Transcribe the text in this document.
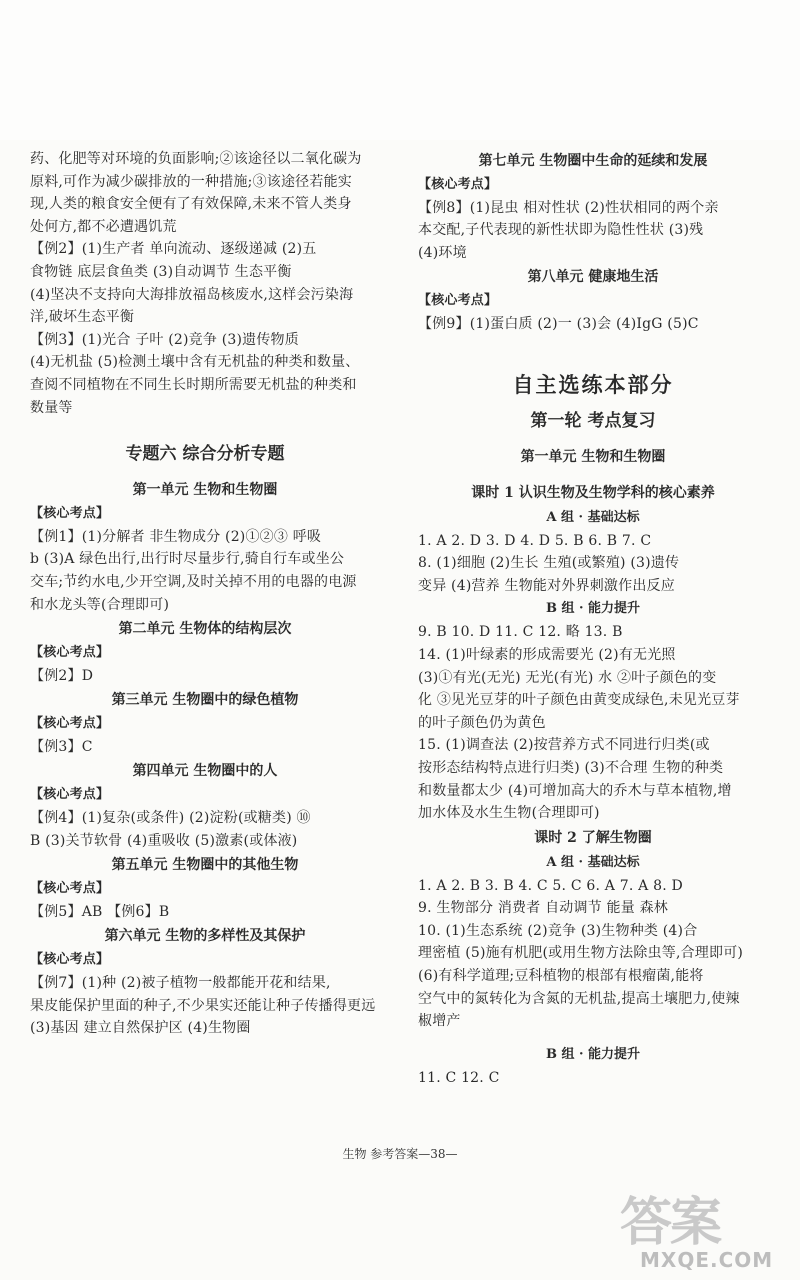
药、化肥等对环境的负面影响;②该途径以二氧化碳为
原料,可作为减少碳排放的一种措施;③该途径若能实
现,人类的粮食安全便有了有效保障,未来不管人类身
处何方,都不必遭遇饥荒
【例2】(1)生产者 单向流动、逐级递减 (2)五
食物链 底层食鱼类 (3)自动调节 生态平衡
(4)坚决不支持向大海排放福岛核废水,这样会污染海
洋,破坏生态平衡
【例3】(1)光合 子叶 (2)竞争 (3)遗传物质
(4)无机盐 (5)检测土壤中含有无机盐的种类和数量、
查阅不同植物在不同生长时期所需要无机盐的种类和
数量等
专题六 综合分析专题
第一单元 生物和生物圈
【核心考点】
【例1】(1)分解者 非生物成分 (2)①②③ 呼吸
b (3)A 绿色出行,出行时尽量步行,骑自行车或坐公
交车;节约水电,少开空调,及时关掉不用的电器的电源
和水龙头等(合理即可)
第二单元 生物体的结构层次
【核心考点】
【例2】D
第三单元 生物圈中的绿色植物
【核心考点】
【例3】C
第四单元 生物圈中的人
【核心考点】
【例4】(1)复杂(或条件) (2)淀粉(或糖类) ⑩
B (3)关节软骨 (4)重吸收 (5)激素(或体液)
第五单元 生物圈中的其他生物
【核心考点】
【例5】AB 【例6】B
第六单元 生物的多样性及其保护
【核心考点】
【例7】(1)种 (2)被子植物一般都能开花和结果,
果皮能保护里面的种子,不少果实还能让种子传播得更远
(3)基因 建立自然保护区 (4)生物圈
第七单元 生物圈中生命的延续和发展
【核心考点】
【例8】(1)昆虫 相对性状 (2)性状相同的两个亲
本交配,子代表现的新性状即为隐性性状 (3)残
(4)环境
第八单元 健康地生活
【核心考点】
【例9】(1)蛋白质 (2)一 (3)会 (4)IgG (5)C
自主选练本部分
第一轮 考点复习
第一单元 生物和生物圈
课时 1 认识生物及生物学科的核心素养
A 组 · 基础达标
1. A 2. D 3. D 4. D 5. B 6. B 7. C
8. (1)细胞 (2)生长 生殖(或繁殖) (3)遗传
变异 (4)营养 生物能对外界刺激作出反应
B 组 · 能力提升
9. B 10. D 11. C 12. 略 13. B
14. (1)叶绿素的形成需要光 (2)有无光照
(3)①有光(无光) 无光(有光) 水 ②叶子颜色的变
化 ③见光豆芽的叶子颜色由黄变成绿色,未见光豆芽
的叶子颜色仍为黄色
15. (1)调查法 (2)按营养方式不同进行归类(或
按形态结构特点进行归类) (3)不合理 生物的种类
和数量都太少 (4)可增加高大的乔木与草本植物,增
加水体及水生生物(合理即可)
课时 2 了解生物圈
A 组 · 基础达标
1. A 2. B 3. B 4. C 5. C 6. A 7. A 8. D
9. 生物部分 消费者 自动调节 能量 森林
10. (1)生态系统 (2)竞争 (3)生物种类 (4)合
理密植 (5)施有机肥(或用生物方法除虫等,合理即可)
(6)有科学道理;豆科植物的根部有根瘤菌,能将
空气中的氮转化为含氮的无机盐,提高土壤肥力,使辣
椒增产
B 组 · 能力提升
11. C 12. C
生物 参考答案—38—
答案
MXQE.COM
